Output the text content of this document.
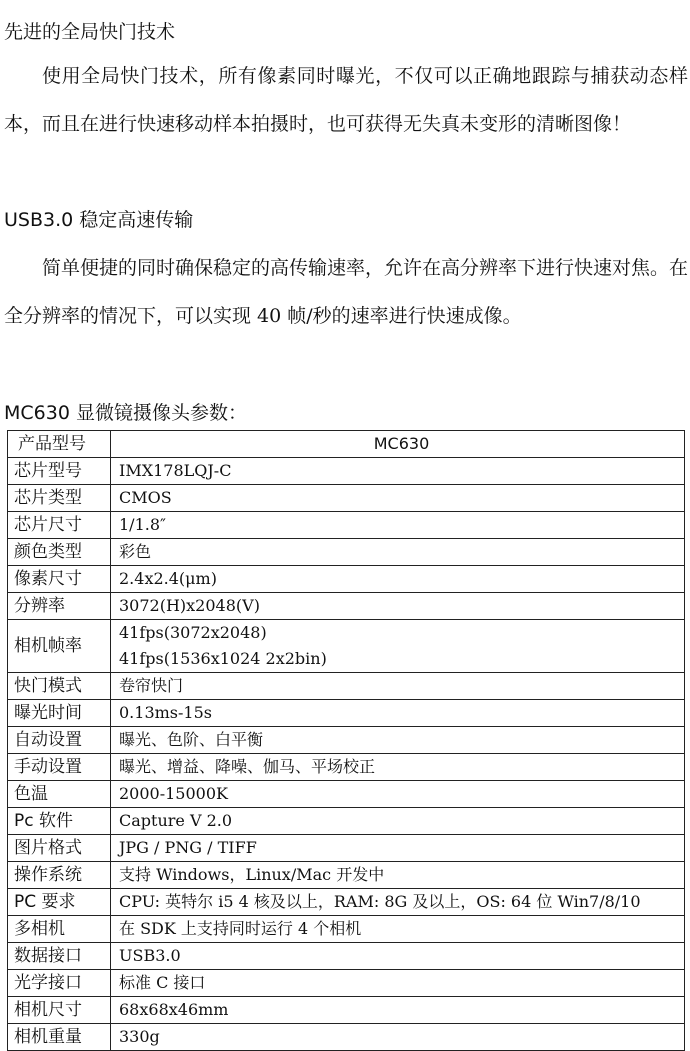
先进的全局快门技术

使用全局快门技术，所有像素同时曝光，不仅可以正确地跟踪与捕获动态样本，而且在进行快速移动样本拍摄时，也可获得无失真未变形的清晰图像！

USB3.0 稳定高速传输

简单便捷的同时确保稳定的高传输速率，允许在高分辨率下进行快速对焦。在全分辨率的情况下，可以实现 40 帧/秒的速率进行快速成像。

MC630 显微镜摄像头参数：
产品型号	MC630
芯片型号	IMX178LQJ-C

芯片类型	CMOS

芯片尺寸	1/1.8″

颜色类型	彩色

像素尺寸	2.4x2.4(μm)

分辨率	3072(H)x2048(V)

相机帧率	41fps(3072x2048)
41fps(1536x1024 2x2bin)

快门模式	卷帘快门

曝光时间	0.13ms-15s

自动设置	曝光、色阶、白平衡

手动设置	曝光、增益、降噪、伽马、平场校正

色温	2000-15000K

Pc 软件	Capture V 2.0

图片格式	JPG / PNG / TIFF

操作系统	支持 Windows，Linux/Mac 开发中

PC 要求	CPU: 英特尔 i5 4 核及以上，RAM: 8G 及以上，OS: 64 位 Win7/8/10

多相机	在 SDK 上支持同时运行 4 个相机

数据接口	USB3.0

光学接口	标准 C 接口

相机尺寸	68x68x46mm

相机重量	330g
